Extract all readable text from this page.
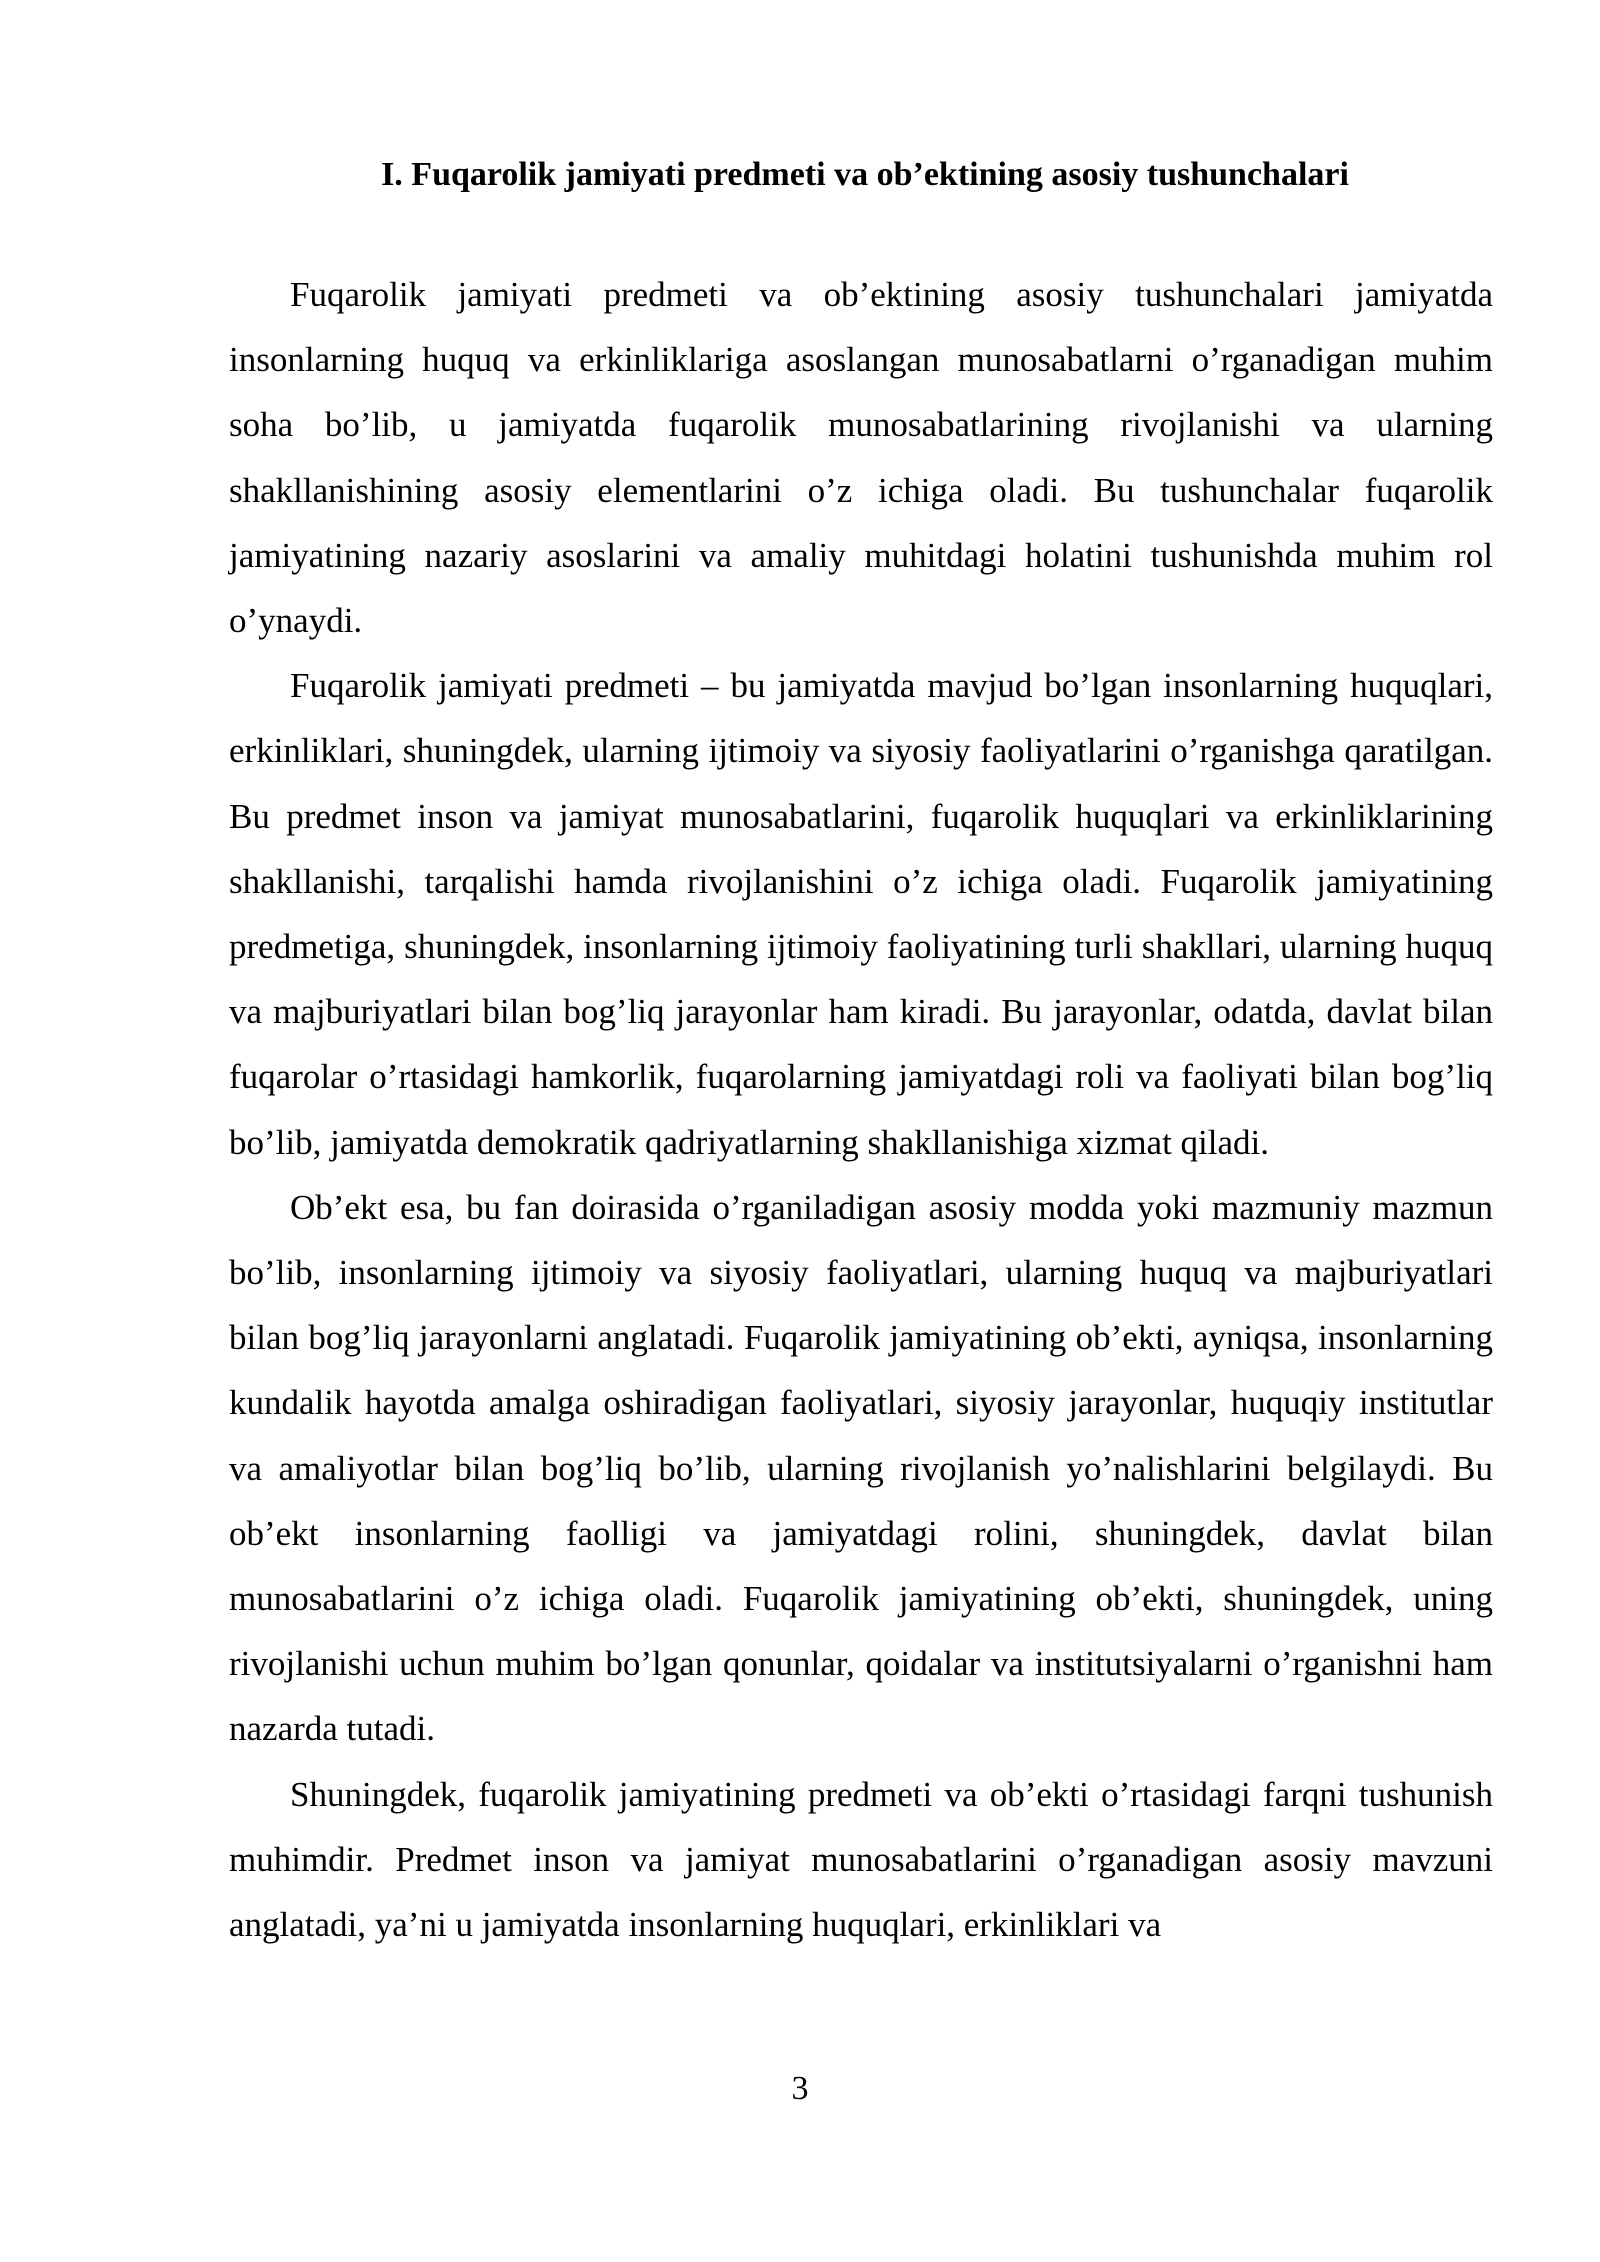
I. Fuqarolik jamiyati predmeti va ob’ektining asosiy tushunchalari

Fuqarolik jamiyati predmeti va ob’ektining asosiy tushunchalari jamiyatda insonlarning huquq va erkinliklariga asoslangan munosabatlarni o’rganadigan muhim soha bo’lib, u jamiyatda fuqarolik munosabatlarining rivojlanishi va ularning shakllanishining asosiy elementlarini o’z ichiga oladi. Bu tushunchalar fuqarolik jamiyatining nazariy asoslarini va amaliy muhitdagi holatini tushunishda muhim rol o’ynaydi.

Fuqarolik jamiyati predmeti – bu jamiyatda mavjud bo’lgan insonlarning huquqlari, erkinliklari, shuningdek, ularning ijtimoiy va siyosiy faoliyatlarini o’rganishga qaratilgan. Bu predmet inson va jamiyat munosabatlarini, fuqarolik huquqlari va erkinliklarining shakllanishi, tarqalishi hamda rivojlanishini o’z ichiga oladi. Fuqarolik jamiyatining predmetiga, shuningdek, insonlarning ijtimoiy faoliyatining turli shakllari, ularning huquq va majburiyatlari bilan bog’liq jarayonlar ham kiradi. Bu jarayonlar, odatda, davlat bilan fuqarolar o’rtasidagi hamkorlik, fuqarolarning jamiyatdagi roli va faoliyati bilan bog’liq bo’lib, jamiyatda demokratik qadriyatlarning shakllanishiga xizmat qiladi.

Ob’ekt esa, bu fan doirasida o’rganiladigan asosiy modda yoki mazmuniy mazmun bo’lib, insonlarning ijtimoiy va siyosiy faoliyatlari, ularning huquq va majburiyatlari bilan bog’liq jarayonlarni anglatadi. Fuqarolik jamiyatining ob’ekti, ayniqsa, insonlarning kundalik hayotda amalga oshiradigan faoliyatlari, siyosiy jarayonlar, huquqiy institutlar va amaliyotlar bilan bog’liq bo’lib, ularning rivojlanish yo’nalishlarini belgilaydi. Bu ob’ekt insonlarning faolligi va jamiyatdagi rolini, shuningdek, davlat bilan munosabatlarini o’z ichiga oladi. Fuqarolik jamiyatining ob’ekti, shuningdek, uning rivojlanishi uchun muhim bo’lgan qonunlar, qoidalar va institutsiyalarni o’rganishni ham nazarda tutadi.

Shuningdek, fuqarolik jamiyatining predmeti va ob’ekti o’rtasidagi farqni tushunish muhimdir. Predmet inson va jamiyat munosabatlarini o’rganadigan asosiy mavzuni anglatadi, ya’ni u jamiyatda insonlarning huquqlari, erkinliklari va

3
